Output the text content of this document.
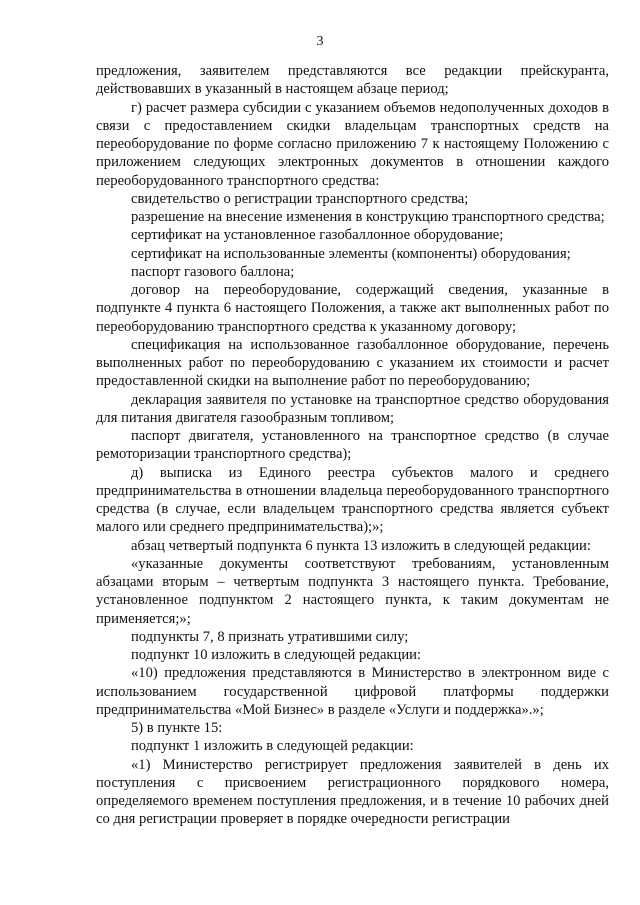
3

предложения, заявителем представляются все редакции прейскуранта, действовавших в указанный в настоящем абзаце период;

г) расчет размера субсидии с указанием объемов недополученных доходов в связи с предоставлением скидки владельцам транспортных средств на переоборудование по форме согласно приложению 7 к настоящему Положению с приложением следующих электронных документов в отношении каждого переоборудованного транспортного средства:

свидетельство о регистрации транспортного средства;

разрешение на внесение изменения в конструкцию транспортного средства;

сертификат на установленное газобаллонное оборудование;

сертификат на использованные элементы (компоненты) оборудования;

паспорт газового баллона;

договор на переоборудование, содержащий сведения, указанные в подпункте 4 пункта 6 настоящего Положения, а также акт выполненных работ по переоборудованию транспортного средства к указанному договору;

спецификация на использованное газобаллонное оборудование, перечень выполненных работ по переоборудованию с указанием их стоимости и расчет предоставленной скидки на выполнение работ по переоборудованию;

декларация заявителя по установке на транспортное средство оборудования для питания двигателя газообразным топливом;

паспорт двигателя, установленного на транспортное средство (в случае ремоторизации транспортного средства);

д) выписка из Единого реестра субъектов малого и среднего предпринимательства в отношении владельца переоборудованного транспортного средства (в случае, если владельцем транспортного средства является субъект малого или среднего предпринимательства);»;

абзац четвертый подпункта 6 пункта 13 изложить в следующей редакции:

«указанные документы соответствуют требованиям, установленным абзацами вторым – четвертым подпункта 3 настоящего пункта. Требование, установленное подпунктом 2 настоящего пункта, к таким документам не применяется;»;

подпункты 7, 8 признать утратившими силу;

подпункт 10 изложить в следующей редакции:

«10) предложения представляются в Министерство в электронном виде с использованием государственной цифровой платформы поддержки предпринимательства «Мой Бизнес» в разделе «Услуги и поддержка».»;

5) в пункте 15:

подпункт 1 изложить в следующей редакции:

«1) Министерство регистрирует предложения заявителей в день их поступления с присвоением регистрационного порядкового номера, определяемого временем поступления предложения, и в течение 10 рабочих дней со дня регистрации проверяет в порядке очередности регистрации
